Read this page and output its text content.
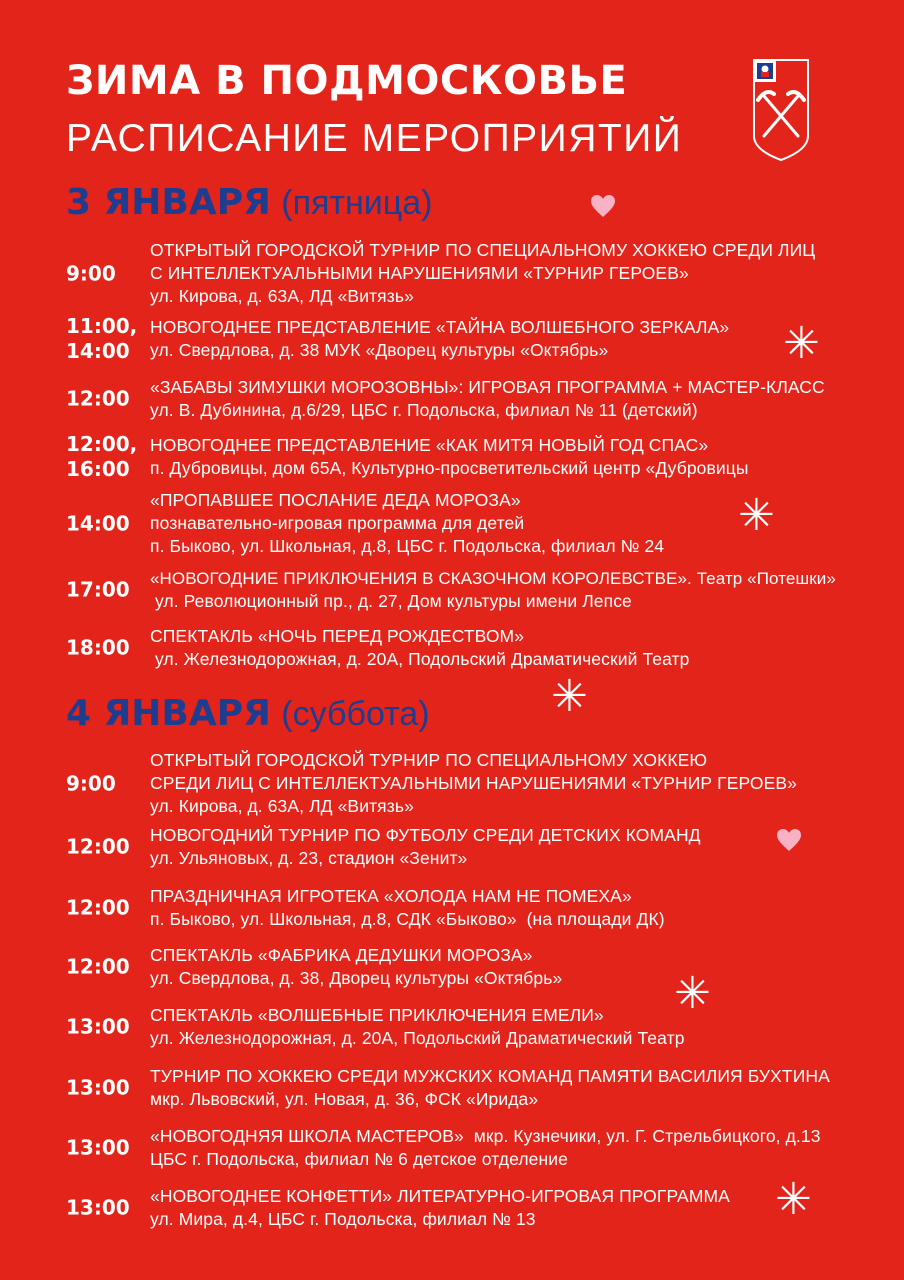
ЗИМА В ПОДМОСКОВЬЕ
РАСПИСАНИЕ МЕРОПРИЯТИЙ
3 ЯНВАРЯ (пятница)
9:00
ОТКРЫТЫЙ ГОРОДСКОЙ ТУРНИР ПО СПЕЦИАЛЬНОМУ ХОККЕЮ СРЕДИ ЛИЦ
С ИНТЕЛЛЕКТУАЛЬНЫМИ НАРУШЕНИЯМИ «ТУРНИР ГЕРОЕВ»
ул. Кирова, д. 63А, ЛД «Витязь»
11:00,
14:00
НОВОГОДНЕЕ ПРЕДСТАВЛЕНИЕ «ТАЙНА ВОЛШЕБНОГО ЗЕРКАЛА»
ул. Свердлова, д. 38 МУК «Дворец культуры «Октябрь»
12:00	«ЗАБАВЫ ЗИМУШКИ МОРОЗОВНЫ»: ИГРОВАЯ ПРОГРАММА + МАСТЕР-КЛАСС
ул. В. Дубинина, д.6/29, ЦБС г. Подольска, филиал № 11 (детский)
12:00,
16:00
НОВОГОДНЕЕ ПРЕДСТАВЛЕНИЕ «КАК МИТЯ НОВЫЙ ГОД СПАС»
п. Дубровицы, дом 65А, Культурно-просветительский центр «Дубровицы
14:00
«ПРОПАВШЕЕ ПОСЛАНИЕ ДЕДА МОРОЗА»
познавательно-игровая программа для детей
п. Быково, ул. Школьная, д.8, ЦБС г. Подольска, филиал № 24
17:00	«НОВОГОДНИЕ ПРИКЛЮЧЕНИЯ В СКАЗОЧНОМ КОРОЛЕВСТВЕ». Театр «Потешки»
ул. Революционный пр., д. 27, Дом культуры имени Лепсе
18:00	СПЕКТАКЛЬ «НОЧЬ ПЕРЕД РОЖДЕСТВОМ»
ул. Железнодорожная, д. 20А, Подольский Драматический Театр
4 ЯНВАРЯ (суббота)
9:00
ОТКРЫТЫЙ ГОРОДСКОЙ ТУРНИР ПО СПЕЦИАЛЬНОМУ ХОККЕЮ
СРЕДИ ЛИЦ С ИНТЕЛЛЕКТУАЛЬНЫМИ НАРУШЕНИЯМИ «ТУРНИР ГЕРОЕВ»
ул. Кирова, д. 63А, ЛД «Витязь»
12:00	НОВОГОДНИЙ ТУРНИР ПО ФУТБОЛУ СРЕДИ ДЕТСКИХ КОМАНД
ул. Ульяновых, д. 23, стадион «Зенит»
12:00	ПРАЗДНИЧНАЯ ИГРОТЕКА «ХОЛОДА НАМ НЕ ПОМЕХА»
п. Быково, ул. Школьная, д.8, СДК «Быково»  (на площади ДК)
12:00	СПЕКТАКЛЬ «ФАБРИКА ДЕДУШКИ МОРОЗА»
ул. Свердлова, д. 38, Дворец культуры «Октябрь»
13:00	СПЕКТАКЛЬ «ВОЛШЕБНЫЕ ПРИКЛЮЧЕНИЯ ЕМЕЛИ»
ул. Железнодорожная, д. 20А, Подольский Драматический Театр
13:00	ТУРНИР ПО ХОККЕЮ СРЕДИ МУЖСКИХ КОМАНД ПАМЯТИ ВАСИЛИЯ БУХТИНА
мкр. Львовский, ул. Новая, д. 36, ФСК «Ирида»
13:00	«НОВОГОДНЯЯ ШКОЛА МАСТЕРОВ»  мкр. Кузнечики, ул. Г. Стрельбицкого, д.13
ЦБС г. Подольска, филиал № 6 детское отделение
13:00	«НОВОГОДНЕЕ КОНФЕТТИ» ЛИТЕРАТУРНО-ИГРОВАЯ ПРОГРАММА
ул. Мира, д.4, ЦБС г. Подольска, филиал № 13
✳
✳
✳
✳
✳
